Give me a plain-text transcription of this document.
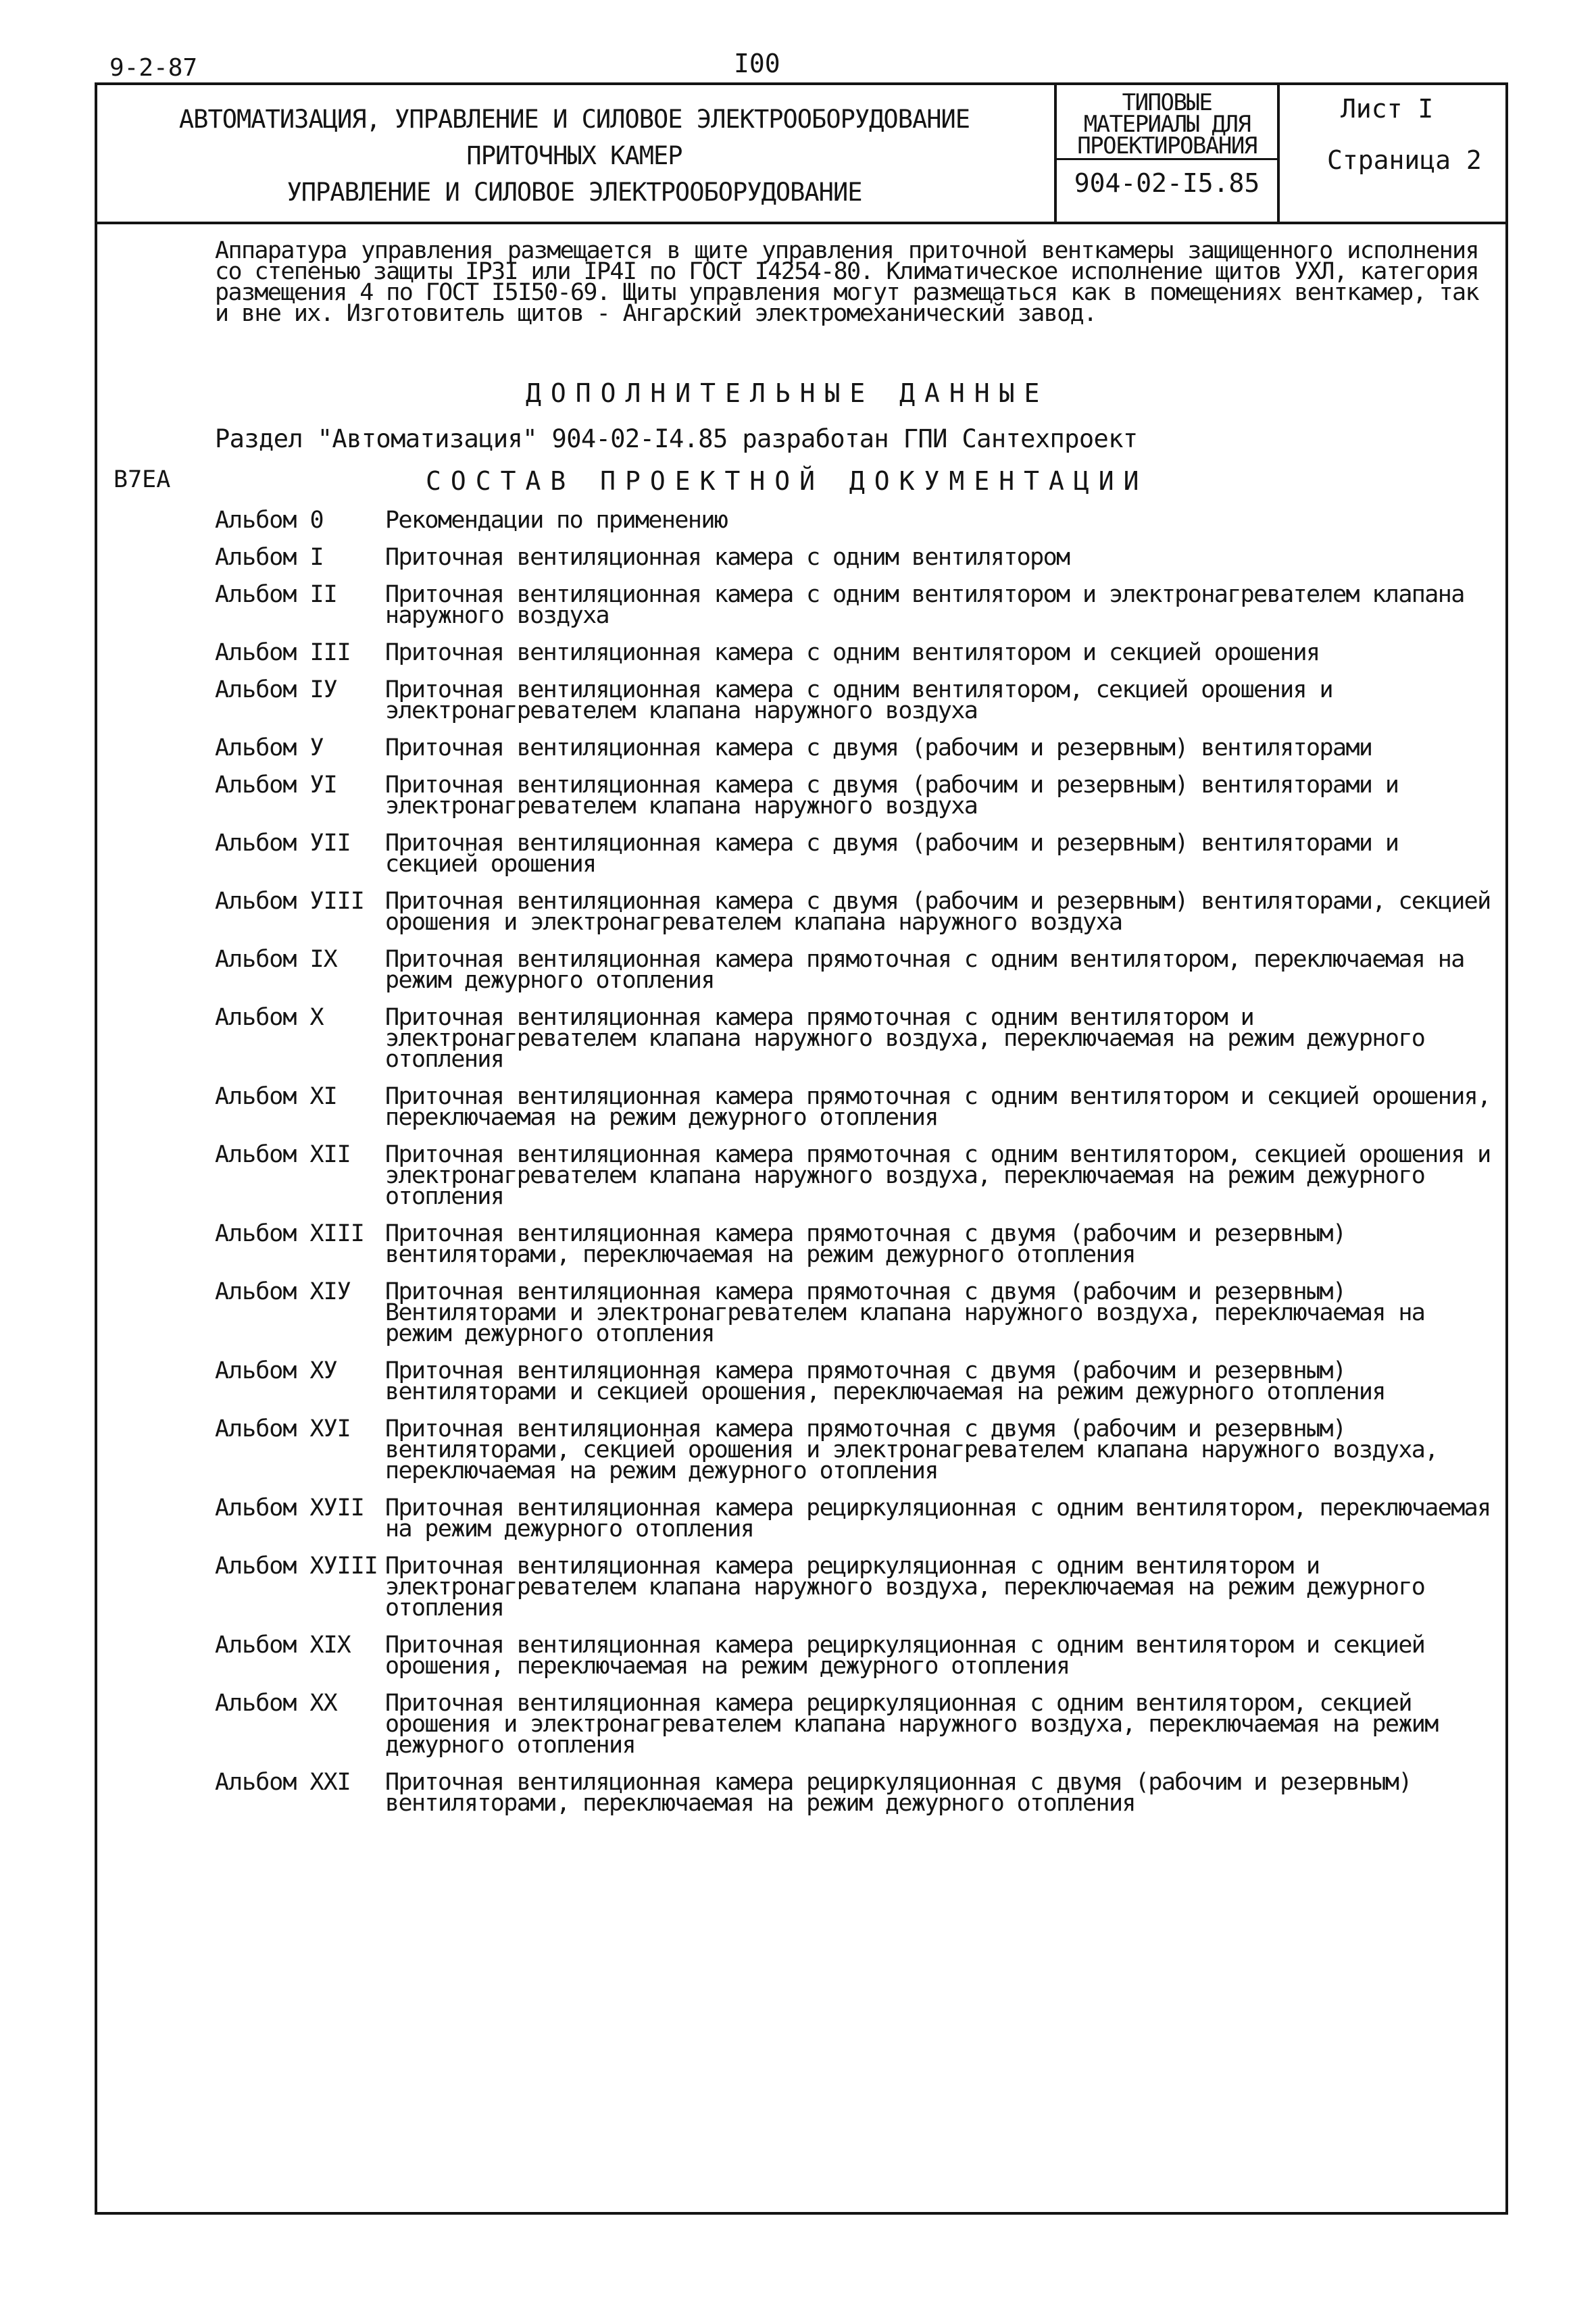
9-2-87	I00
АВТОМАТИЗАЦИЯ, УПРАВЛЕНИЕ И СИЛОВОЕ ЭЛЕКТРООБОРУДОВАНИЕ
ПРИТОЧНЫХ КАМЕР
УПРАВЛЕНИЕ И СИЛОВОЕ ЭЛЕКТРООБОРУДОВАНИЕ
ТИПОВЫЕ
МАТЕРИАЛЫ ДЛЯ
ПРОЕКТИРОВАНИЯ
904-02-I5.85
Лист I
Страница 2
Аппаратура управления размещается в щите управления приточной венткамеры защищенного исполнения со степенью защиты IP3I или IP4I по ГОСТ I4254-80. Климатическое исполнение щитов УХЛ, категория размещения 4 по ГОСТ I5I50-69. Щиты управления могут размещаться как в помещениях венткамер, так и вне их. Изготовитель щитов - Ангарский электромеханический завод.
ДОПОЛНИТЕЛЬНЫЕ ДАННЫЕ
Раздел "Автоматизация" 904-02-I4.85 разработан ГПИ Сантехпроект
B7EA	СОСТАВ ПРОЕКТНОЙ ДОКУМЕНТАЦИИ
Альбом 0	Рекомендации по применению
Альбом I	Приточная вентиляционная камера с одним вентилятором
Альбом II	Приточная вентиляционная камера с одним вентилятором и электронагревателем клапана наружного воздуха
Альбом III	Приточная вентиляционная камера с одним вентилятором и секцией орошения
Альбом IУ	Приточная вентиляционная камера с одним вентилятором, секцией орошения и электронагревателем клапана наружного воздуха
Альбом У	Приточная вентиляционная камера с двумя (рабочим и резервным) вентиляторами
Альбом УI	Приточная вентиляционная камера с двумя (рабочим и резервным) вентиляторами и электронагревателем клапана наружного воздуха
Альбом УII	Приточная вентиляционная камера с двумя (рабочим и резервным) вентиляторами и секцией орошения
Альбом УIII Приточная вентиляционная камера с двумя (рабочим и резервным) вентиляторами, секцией орошения и электронагревателем клапана наружного воздуха
Альбом IX	Приточная вентиляционная камера прямоточная с одним вентилятором, переключаемая на режим дежурного отопления
Альбом X	Приточная вентиляционная камера прямоточная с одним вентилятором и электронагревателем клапана наружного воздуха, переключаемая на режим дежурного отопления
Альбом XI	Приточная вентиляционная камера прямоточная с одним вентилятором и секцией орошения, переключаемая на режим дежурного отопления
Альбом XII	Приточная вентиляционная камера прямоточная с одним вентилятором, секцией орошения и электронагревателем клапана наружного воздуха, переключаемая на режим дежурного отопления
Альбом XIII Приточная вентиляционная камера прямоточная с двумя (рабочим и резервным) вентиляторами, переключаемая на режим дежурного отопления
Альбом XIУ	Приточная вентиляционная камера прямоточная с двумя (рабочим и резервным) Вентиляторами и электронагревателем клапана наружного воздуха, переключаемая на режим дежурного отопления
Альбом ХУ	Приточная вентиляционная камера прямоточная с двумя (рабочим и резервным) вентиляторами и секцией орошения, переключаемая на режим дежурного отопления
Альбом ХУI	Приточная вентиляционная камера прямоточная с двумя (рабочим и резервным) вентиляторами, секцией орошения и электронагревателем клапана наружного воздуха, переключаемая на режим дежурного отопления
Альбом ХУII Приточная вентиляционная камера рециркуляционная с одним вентилятором, переключаемая на режим дежурного отопления
Альбом ХУIII Приточная вентиляционная камера рециркуляционная с одним вентилятором и электронагревателем клапана наружного воздуха, переключаемая на режим дежурного отопления
Альбом XIX	Приточная вентиляционная камера рециркуляционная с одним вентилятором и секцией орошения, переключаемая на режим дежурного отопления
Альбом XX	Приточная вентиляционная камера рециркуляционная с одним вентилятором, секцией орошения и электронагревателем клапана наружного воздуха, переключаемая на режим дежурного отопления
Альбом XXI	Приточная вентиляционная камера рециркуляционная с двумя (рабочим и резервным) вентиляторами, переключаемая на режим дежурного отопления
